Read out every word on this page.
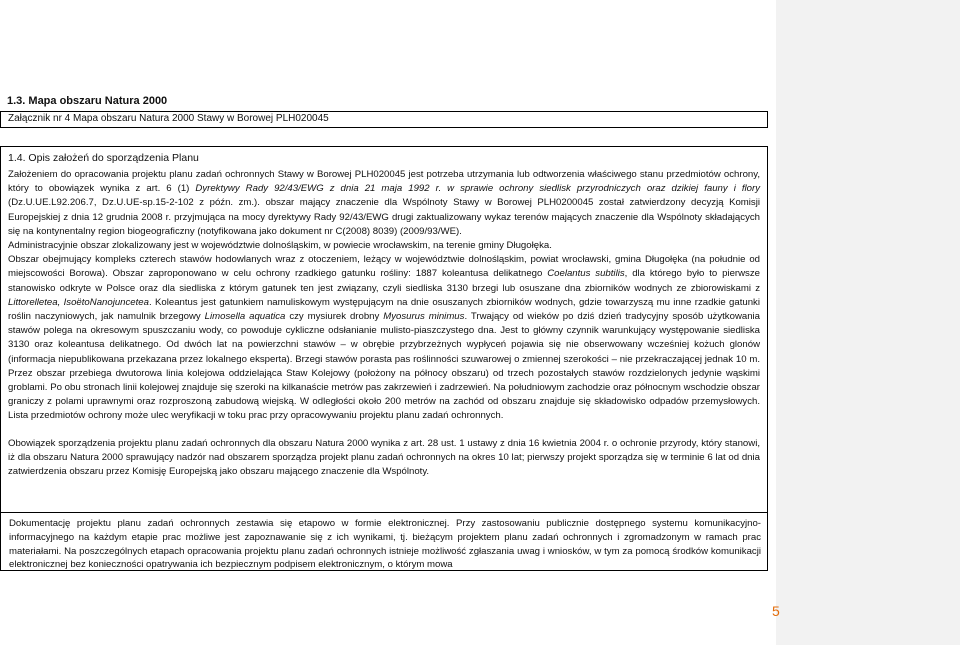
1.3. Mapa obszaru Natura 2000
Załącznik nr 4 Mapa obszaru Natura 2000 Stawy w Borowej PLH020045
1.4. Opis założeń do sporządzenia Planu

Założeniem do opracowania projektu planu zadań ochronnych Stawy w Borowej PLH020045 jest potrzeba utrzymania lub odtworzenia właściwego stanu przedmiotów ochrony, który to obowiązek wynika z art. 6 (1) Dyrektywy Rady 92/43/EWG z dnia 21 maja 1992 r. w sprawie ochrony siedlisk przyrodniczych oraz dzikiej fauny i flory (Dz.U.UE.L92.206.7, Dz.U.UE-sp.15-2-102 z późn. zm.). obszar mający znaczenie dla Wspólnoty Stawy w Borowej PLH0200045 został zatwierdzony decyzją Komisji Europejskiej z dnia 12 grudnia 2008 r. przyjmująca na mocy dyrektywy Rady 92/43/EWG drugi zaktualizowany wykaz terenów mających znaczenie dla Wspólnoty składających się na kontynentalny region biogeograficzny (notyfikowana jako dokument nr C(2008) 8039) (2009/93/WE).

Administracyjnie obszar zlokalizowany jest w województwie dolnośląskim, w powiecie wrocławskim, na terenie gminy Długołęka.

Obszar obejmujący kompleks czterech stawów hodowlanych wraz z otoczeniem, leżący w województwie dolnośląskim, powiat wrocławski, gmina Długołęka (na południe od miejscowości Borowa). Obszar zaproponowano w celu ochrony rzadkiego gatunku rośliny: 1887 koleantusa delikatnego Coelantus subtilis, dla którego było to pierwsze stanowisko odkryte w Polsce oraz dla siedliska z którym gatunek ten jest związany, czyli siedliska 3130 brzegi lub osuszane dna zbiorników wodnych ze zbiorowiskami z Littorelletea, IsoëtoNanojuncetea. Koleantus jest gatunkiem namuliskowym występującym na dnie osuszanych zbiorników wodnych, gdzie towarzyszą mu inne rzadkie gatunki roślin naczyniowych, jak namulnik brzegowy Limosella aquatica czy mysiurek drobny Myosurus minimus. Trwający od wieków po dziś dzień tradycyjny sposób użytkowania stawów polega na okresowym spuszczaniu wody, co powoduje cykliczne odsłanianie mulisto-piaszczystego dna. Jest to główny czynnik warunkujący występowanie siedliska 3130 oraz koleantusa delikatnego. Od dwóch lat na powierzchni stawów – w obrębie przybrzeżnych wypłyceń pojawia się nie obserwowany wcześniej kożuch glonów (informacja niepublikowana przekazana przez lokalnego eksperta). Brzegi stawów porasta pas roślinności szuwarowej o zmiennej szerokości – nie przekraczającej jednak 10 m. Przez obszar przebiega dwutorowa linia kolejowa oddzielająca Staw Kolejowy (położony na północy obszaru) od trzech pozostałych stawów rozdzielonych jedynie wąskimi groblami. Po obu stronach linii kolejowej znajduje się szeroki na kilkanaście metrów pas zakrzewień i zadrzewień. Na południowym zachodzie oraz północnym wschodzie obszar graniczy z polami uprawnymi oraz rozproszoną zabudową wiejską. W odległości około 200 metrów na zachód od obszaru znajduje się składowisko odpadów przemysłowych. Lista przedmiotów ochrony może ulec weryfikacji w toku prac przy opracowywaniu projektu planu zadań ochronnych.

Obowiązek sporządzenia projektu planu zadań ochronnych dla obszaru Natura 2000 wynika z art. 28 ust. 1 ustawy z dnia 16 kwietnia 2004 r. o ochronie przyrody, który stanowi, iż dla obszaru Natura 2000 sprawujący nadzór nad obszarem sporządza projekt planu zadań ochronnych na okres 10 lat; pierwszy projekt sporządza się w terminie 6 lat od dnia zatwierdzenia obszaru przez Komisję Europejską jako obszaru mającego znaczenie dla Wspólnoty.

Dokumentację projektu planu zadań ochronnych zestawia się etapowo w formie elektronicznej. Przy zastosowaniu publicznie dostępnego systemu komunikacyjno-informacyjnego na każdym etapie prac możliwe jest zapoznawanie się z ich wynikami, tj. bieżącym projektem planu zadań ochronnych i zgromadzonym w ramach prac materiałami. Na poszczególnych etapach opracowania projektu planu zadań ochronnych istnieje możliwość zgłaszania uwag i wniosków, w tym za pomocą środków komunikacji elektronicznej bez konieczności opatrywania ich bezpiecznym podpisem elektronicznym, o którym mowa
5
